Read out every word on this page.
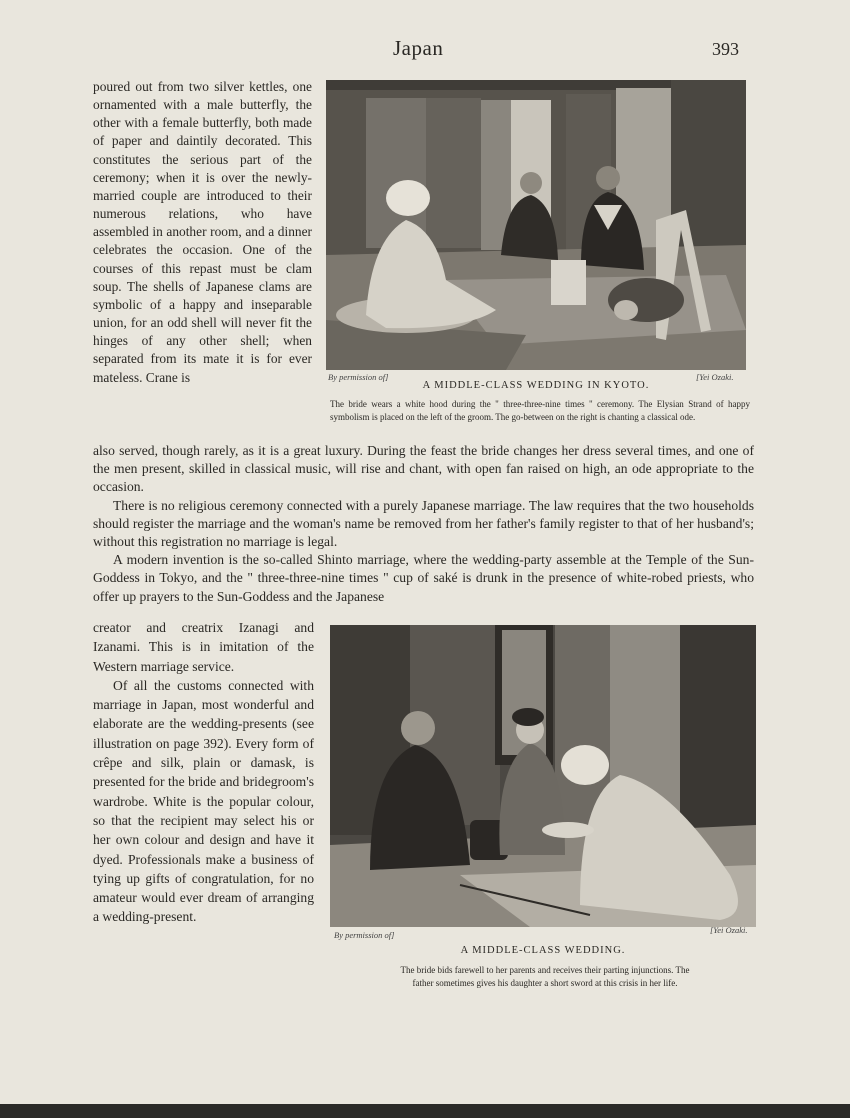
Japan	393

poured out from two silver kettles, one ornamented with a male butterfly, the other with a female butterfly, both made of paper and daintily decorated. This constitutes the serious part of the ceremony; when it is over the newly-married couple are introduced to their numerous relations, who have assembled in another room, and a dinner celebrates the occasion. One of the courses of this repast must be clam soup. The shells of Japanese clams are symbolic of a happy and inseparable union, for an odd shell will never fit the hinges of any other shell; when separated from its mate it is for ever mateless. Crane is	By permission of]	[Yei Ozaki.
A MIDDLE-CLASS WEDDING IN KYOTO.
The bride wears a white hood during the " three-three-nine times " ceremony. The Elysian Strand of happy symbolism is placed on the left of the groom. The go-between on the right is chanting a classical ode.

also served, though rarely, as it is a great luxury. During the feast the bride changes her dress several times, and one of the men present, skilled in classical music, will rise and chant, with open fan raised on high, an ode appropriate to the occasion.

There is no religious ceremony connected with a purely Japanese marriage. The law requires that the two households should register the marriage and the woman's name be removed from her father's family register to that of her husband's; without this registration no marriage is legal.

A modern invention is the so-called Shinto marriage, where the wedding-party assemble at the Temple of the Sun-Goddess in Tokyo, and the " three-three-nine times " cup of saké is drunk in the presence of white-robed priests, who offer up prayers to the Sun-Goddess and the Japanese

creator and creatrix Izanagi and Izanami. This is in imitation of the Western marriage service.

Of all the customs connected with marriage in Japan, most wonderful and elaborate are the wedding-presents (see illustration on page 392). Every form of crêpe and silk, plain or damask, is presented for the bride and bridegroom's wardrobe. White is the popular colour, so that the recipient may select his or her own colour and design and have it dyed. Professionals make a business of tying up gifts of congratulation, for no amateur would ever dream of arranging a wedding-present.

By permission of]	[Yei Ozaki.
A MIDDLE-CLASS WEDDING.
The bride bids farewell to her parents and receives their parting injunctions. The
father sometimes gives his daughter a short sword at this crisis in her life.
